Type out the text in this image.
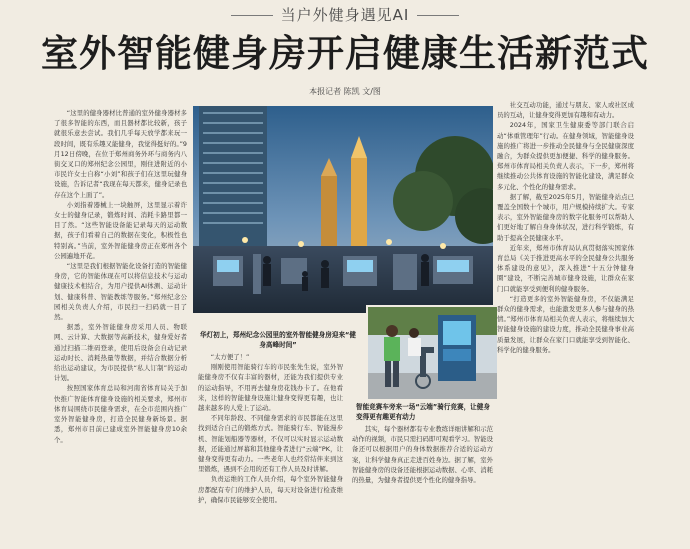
当户外健身遇见AI
室外智能健身房开启健康生活新范式
本报记者 陈凯 文/图

“这里的健身器材比普通的室外健身器材多了很多智能的东西，而且器材都比较新，孩子就很乐意去尝试。我们几乎每天放学都来玩一段时间，既有乐趣又能健身，我觉得挺好的。”9月12日傍晚，在位于郑州商务外环与商务内八街交叉口的郑州纪念公园里，刚住进附近的小市民许女士自称“小刘”和孩子们在这里玩健身设施，告诉记者“我现在每天都来，健身记录也存在这个上面了”。

小刘指着器械上一块触屏，这里显示着许女士的健身记录，锻炼时间、消耗卡路里都一目了然。“这些智能设备能记录每天的运动数据，孩子们看着自己的数据在变化，积极性也特别高。”当前，室外智能健身房正在郑州各个公园遍地开花。

“这里是我们根据智能化设备打造的智能健身房，它的智能体现在可以将信息技术与运动健康技术相结合，为用户提供AI体测、运动计划、健康科普、智能教练等服务。”郑州纪念公园相关负责人介绍，市民扫一扫码就一目了然。

据悉，室外智能健身房采用人员、物联网、云计算、大数据等高新技术，健身爱好者通过扫描二维码登录，使用后设备会自动记录运动时长、消耗热量等数据，并结合数据分析给出运动建议，为市民提供“私人订制”的运动计划。

按照国家体育总局和河南省体育局关于加快推广智能体育健身设施的相关要求，郑州市体育局围绕市民健身需求，在全市范围内推广室外智能健身房，打造全民健身新场景。据悉，郑州市目前已建成室外智能健身房10余个。

华灯初上，郑州纪念公园里的室外智能健身房迎来“健身高峰时间”

“太方便了！”

刚刚使用智能骑行车的市民张先生说，室外智能健身房不仅有丰富的器材，还能为我们提供专业的运动指导，不用再去健身房花钱办卡了。在他看来，这样的智能健身设施让健身变得更有趣，也让越来越多的人爱上了运动。

不同年龄段、不同健身需求的市民都能在这里找到适合自己的锻炼方式。智能骑行车、智能漫步机、智能划船器等器材，不仅可以实时显示运动数据，还能通过屏幕和其他健身者进行“云端”PK，让健身变得更有动力。一些老年人也经常结伴来到这里锻炼，遇到不会用的还有工作人员及时讲解。

负责运维的工作人员介绍，每个室外智能健身房都配有专门的维护人员，每天对设备进行检查维护，确保市民能够安全使用。

智能竞赛车旁来一场“云端”骑行竞赛，让健身变得更有趣更有动力

其实，每个器材都有专业教练详细讲解和示范动作的视频，市民只需扫码即可观看学习。智能设备还可以根据用户的身体数据推荐合适的运动方案，让科学健身真正走进百姓身边。据了解，室外智能健身房的设备还能根据运动数据、心率、消耗的热量，为健身者提供更个性化的健身指导。

社交互动功能，通过与朋友、家人或社区成员的互动，让健身变得更加有趣和有动力。

2024年，国家卫生健康委等部门联合启动“体重管理年”行动。在健身领域，智能健身设施的推广将进一步推动全民健身与全民健康深度融合，为群众提供更加便捷、科学的健身服务。郑州市体育局相关负责人表示，下一步，郑州将继续推动公共体育设施的智能化建设，满足群众多元化、个性化的健身需求。

据了解，截至2025年5月，智能健身站点已覆盖全国数十个城市，用户规模持续扩大。专家表示，室外智能健身房的数字化服务可以帮助人们更好地了解自身身体状况，进行科学锻炼，有助于提高全民健康水平。

近年来，郑州市体育局认真贯彻落实国家体育总局《关于推进更高水平的全民健身公共服务体系建设的意见》，深入推进“十五分钟健身圈”建设，不断完善城市健身设施，让群众在家门口就能享受到便利的健身服务。

“打造更多的室外智能健身房，不仅能满足群众的健身需求，也能激发更多人参与健身的热情。”郑州市体育局相关负责人表示，将继续加大智能健身设施的建设力度，推动全民健身事业高质量发展，让群众在家门口就能享受到智能化、科学化的健身服务。
